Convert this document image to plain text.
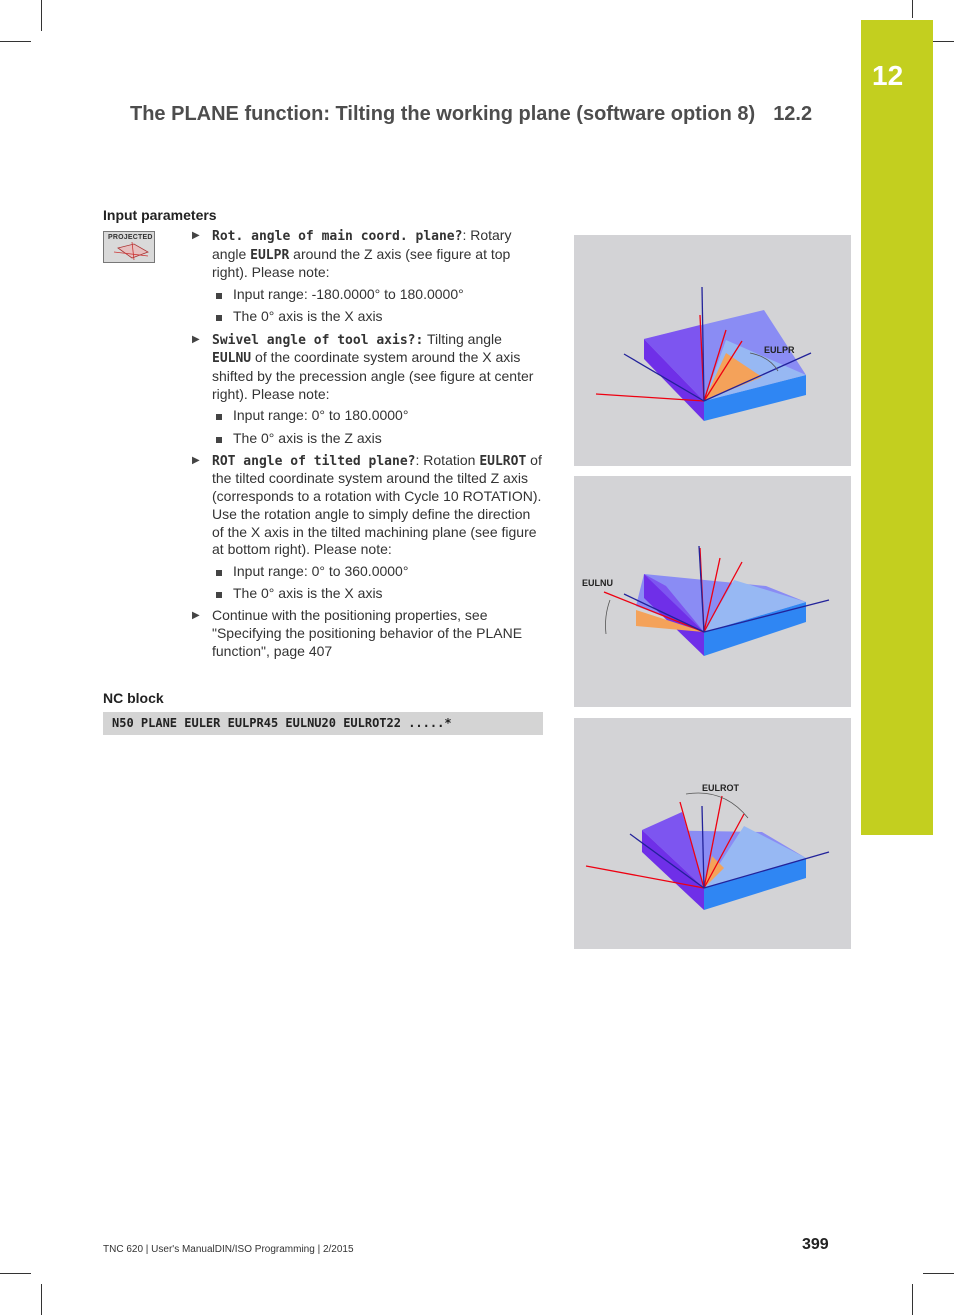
12
The PLANE function: Tilting the working plane (software option 8) 12.2
Input parameters
PROJECTED	▶ Rot. angle of main coord. plane?: Rotary angle EULPR around the Z axis (see figure at top right). Please note:
Input range: -180.0000° to 180.0000°
The 0° axis is the X axis
▶ Swivel angle of tool axis?: Tilting angle EULNU of the coordinate system around the X axis shifted by the precession angle (see figure at center right). Please note:
Input range: 0° to 180.0000°
The 0° axis is the Z axis
▶ ROT angle of tilted plane?: Rotation EULROT of the tilted coordinate system around the tilted Z axis (corresponds to a rotation with Cycle 10 ROTATION). Use the rotation angle to simply define the direction of the X axis in the tilted machining plane (see figure at bottom right). Please note:
Input range: 0° to 360.0000°
The 0° axis is the X axis
▶ Continue with the positioning properties, see "Specifying the positioning behavior of the PLANE function", page 407
NC block
N50 PLANE EULER EULPR45 EULNU20 EULROT22 .....*
EULPR
EULNU
EULROT
TNC 620 | User's ManualDIN/ISO Programming | 2/2015	399
